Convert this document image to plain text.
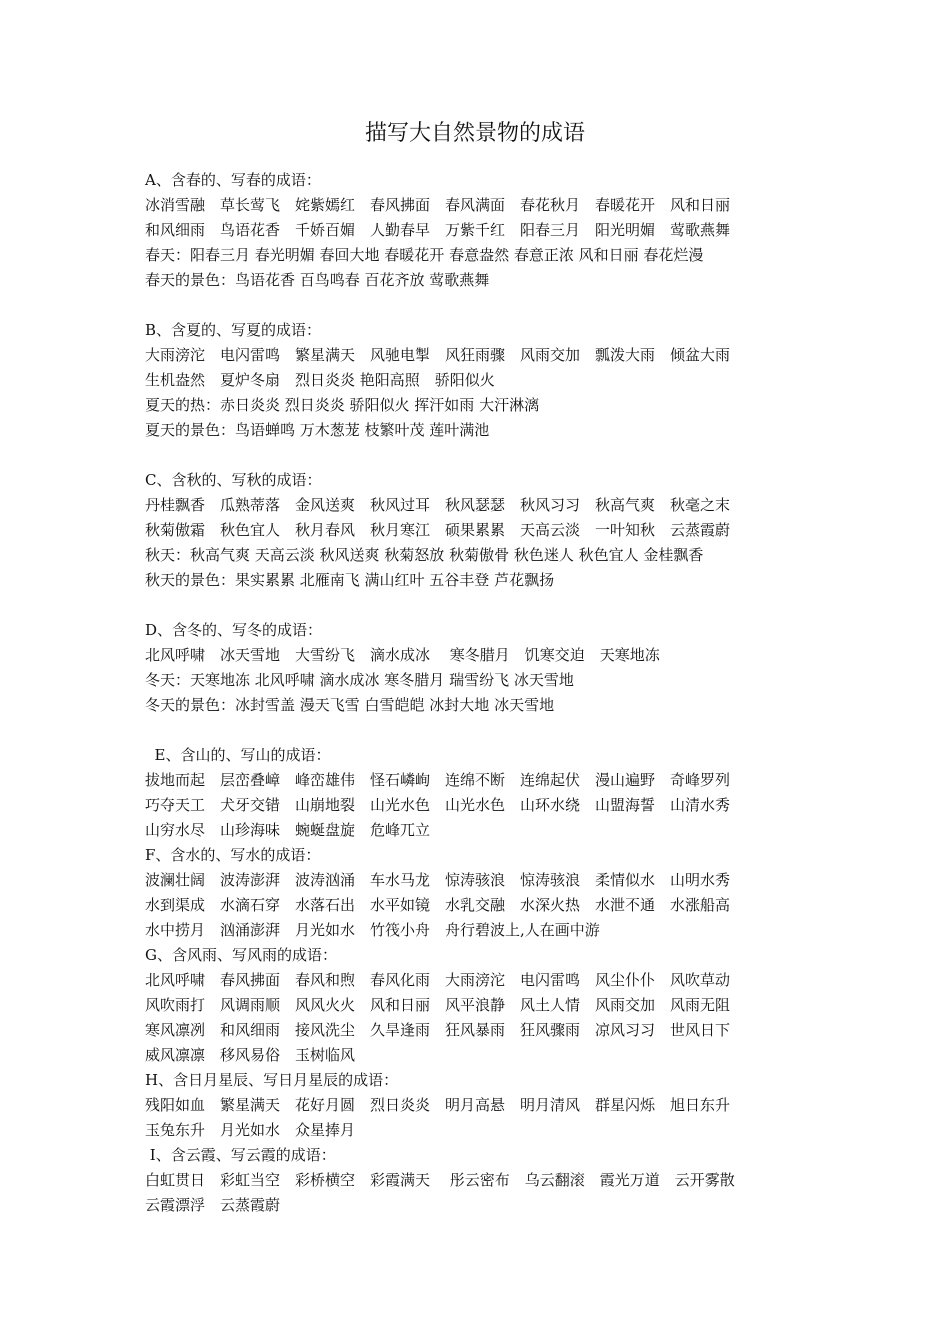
描写大自然景物的成语
A、含春的、写春的成语：
冰消雪融　草长莺飞　姹紫嫣红　春风拂面　春风满面　春花秋月　春暖花开　风和日丽
和风细雨　鸟语花香　千娇百媚　人勤春早　万紫千红　阳春三月　阳光明媚　莺歌燕舞
春天：阳春三月 春光明媚 春回大地 春暖花开 春意盎然 春意正浓 风和日丽 春花烂漫
春天的景色：鸟语花香 百鸟鸣春 百花齐放 莺歌燕舞
B、含夏的、写夏的成语：
大雨滂沱　电闪雷鸣　繁星满天　风驰电掣　风狂雨骤　风雨交加　瓢泼大雨　倾盆大雨
生机盎然　夏炉冬扇　烈日炎炎 艳阳高照　骄阳似火
夏天的热：赤日炎炎 烈日炎炎 骄阳似火 挥汗如雨 大汗淋漓
夏天的景色：鸟语蝉鸣 万木葱茏 枝繁叶茂 莲叶满池
C、含秋的、写秋的成语：
丹桂飘香　瓜熟蒂落　金风送爽　秋风过耳　秋风瑟瑟　秋风习习　秋高气爽　秋毫之末
秋菊傲霜　秋色宜人　秋月春风　秋月寒江　硕果累累　天高云淡　一叶知秋　云蒸霞蔚
秋天：秋高气爽 天高云淡 秋风送爽 秋菊怒放 秋菊傲骨 秋色迷人 秋色宜人 金桂飘香
秋天的景色：果实累累 北雁南飞 满山红叶 五谷丰登 芦花飘扬
D、含冬的、写冬的成语：
北风呼啸　冰天雪地　大雪纷飞　滴水成冰　 寒冬腊月　饥寒交迫　天寒地冻
冬天：天寒地冻 北风呼啸 滴水成冰 寒冬腊月 瑞雪纷飞 冰天雪地
冬天的景色：冰封雪盖 漫天飞雪 白雪皑皑 冰封大地 冰天雪地
E、含山的、写山的成语：
拔地而起　层峦叠嶂　峰峦雄伟　怪石嶙峋　连绵不断　连绵起伏　漫山遍野　奇峰罗列
巧夺天工　犬牙交错　山崩地裂　山光水色　山光水色　山环水绕　山盟海誓　山清水秀
山穷水尽　山珍海味　蜿蜒盘旋　危峰兀立
F、含水的、写水的成语：
波澜壮阔　波涛澎湃　波涛汹涌　车水马龙　惊涛骇浪　惊涛骇浪　柔情似水　山明水秀
水到渠成　水滴石穿　水落石出　水平如镜　水乳交融　水深火热　水泄不通　水涨船高
水中捞月　汹涌澎湃　月光如水　竹筏小舟　舟行碧波上,人在画中游
G、含风雨、写风雨的成语：
北风呼啸　春风拂面　春风和煦　春风化雨　大雨滂沱　电闪雷鸣　风尘仆仆　风吹草动
风吹雨打　风调雨顺　风风火火　风和日丽　风平浪静　风土人情　风雨交加　风雨无阻
寒风凛冽　和风细雨　接风洗尘　久旱逢雨　狂风暴雨　狂风骤雨　凉风习习　世风日下
威风凛凛　移风易俗　玉树临风
H、含日月星辰、写日月星辰的成语：
残阳如血　繁星满天　花好月圆　烈日炎炎　明月高悬　明月清风　群星闪烁　旭日东升
玉兔东升　月光如水　众星捧月
I、含云霞、写云霞的成语：
白虹贯日　彩虹当空　彩桥横空　彩霞满天 　彤云密布　乌云翻滚　霞光万道　云开雾散
云霞漂浮　云蒸霞蔚
